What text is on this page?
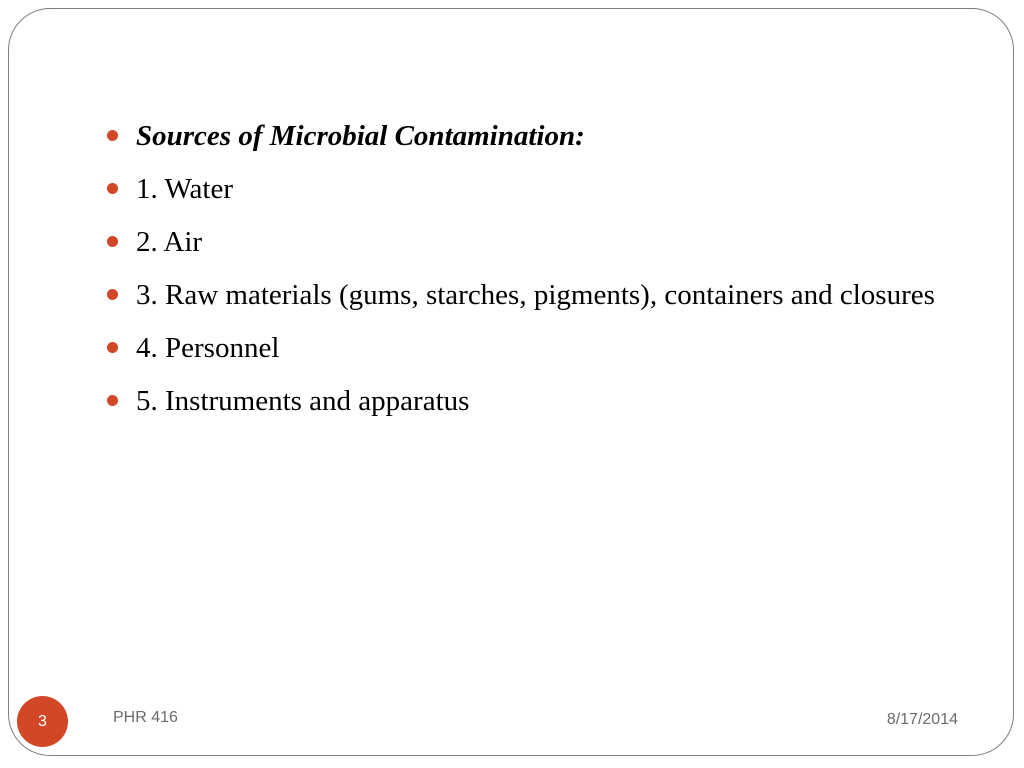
Sources of Microbial Contamination:
1. Water
2. Air
3. Raw materials (gums, starches, pigments), containers and closures
4. Personnel
5. Instruments and apparatus
3	PHR 416	8/17/2014
